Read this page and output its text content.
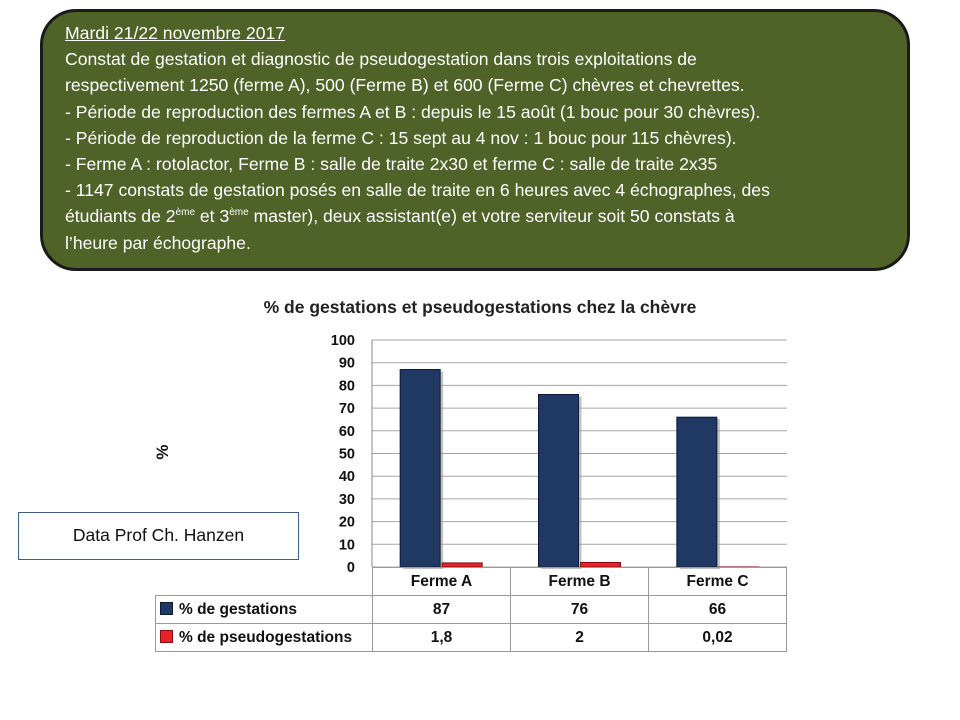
Mardi 21/22 novembre 2017

Constat de gestation et diagnostic de pseudogestation dans trois exploitations de

respectivement 1250 (ferme A), 500 (Ferme B) et 600 (Ferme C) chèvres et chevrettes.

- Période de reproduction des fermes A et B : depuis le 15 août (1 bouc pour 30 chèvres).

- Période de reproduction de la ferme C : 15 sept au 4 nov : 1 bouc pour 115 chèvres).

- Ferme A : rotolactor, Ferme B : salle de traite 2x30 et ferme C : salle de traite 2x35

- 1147 constats de gestation posés en salle de traite en 6 heures avec 4 échographes, des

étudiants de 2ème et 3ème master), deux assistant(e) et votre serviteur soit 50 constats à

l’heure par échographe.

% de gestations et pseudogestations chez la chèvre
%
0
10
20
30
40
50
60
70
80
90
100
Data Prof Ch. Hanzen
	Ferme A	Ferme B	Ferme C
% de gestations	87	76	66
% de pseudogestations	1,8	2	0,02
